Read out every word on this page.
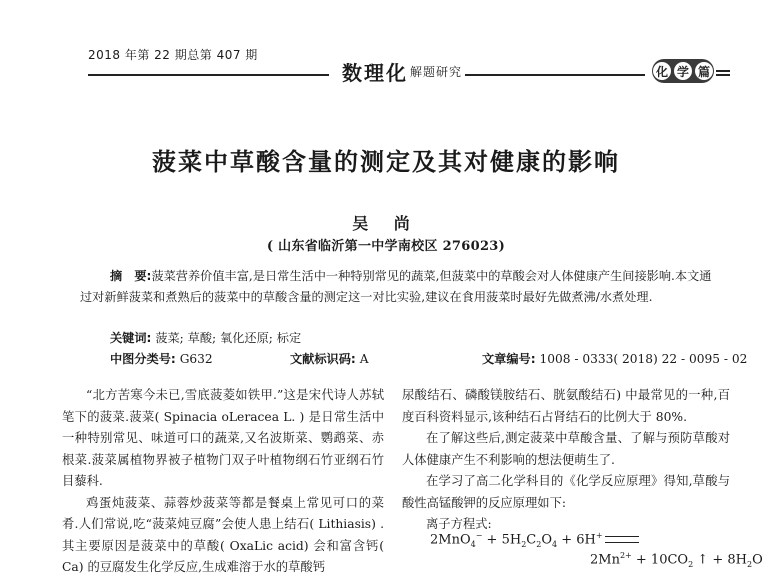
2018 年第 22 期总第 407 期
数理化 解题研究	化 学 篇
菠菜中草酸含量的测定及其对健康的影响
吴 尚
( 山东省临沂第一中学南校区 276023)
摘　要:菠菜营养价值丰富,是日常生活中一种特别常见的蔬菜,但菠菜中的草酸会对人体健康产生间接影响.本文通过对新鲜菠菜和煮熟后的菠菜中的草酸含量的测定这一对比实验,建议在食用菠菜时最好先做煮沸/水煮处理.
关键词: 菠菜; 草酸; 氧化还原; 标定
中图分类号: G632	文献标识码: A	文章编号: 1008 - 0333( 2018) 22 - 0095 - 02

“北方苦寒今未已,雪底菠菱如铁甲.”这是宋代诗人苏轼笔下的菠菜.菠菜( Spinacia oLeracea L. ) 是日常生活中一种特别常见、味道可口的蔬菜,又名波斯菜、鹦鹉菜、赤根菜.菠菜属植物界被子植物门双子叶植物纲石竹亚纲石竹目藜科.

鸡蛋炖菠菜、蒜蓉炒菠菜等都是餐桌上常见可口的菜肴.人们常说,吃“菠菜炖豆腐”会使人患上结石( Lithiasis) .其主要原因是菠菜中的草酸( OxaLic acid) 会和富含钙( Ca) 的豆腐发生化学反应,生成难溶于水的草酸钙

尿酸结石、磷酸镁胺结石、胱氨酸结石) 中最常见的一种,百度百科资料显示,该种结石占肾结石的比例大于 80%.

在了解这些后,测定菠菜中草酸含量、了解与预防草酸对人体健康产生不利影响的想法便萌生了.

在学习了高二化学科目的《化学反应原理》得知,草酸与酸性高锰酸钾的反应原理如下:

离子方程式:

$2MnO_4^- + 5H_2C_2O_4 + 6H^+$
$2Mn^{2+} + 10CO_2$ ↑ + $8H_2O$
